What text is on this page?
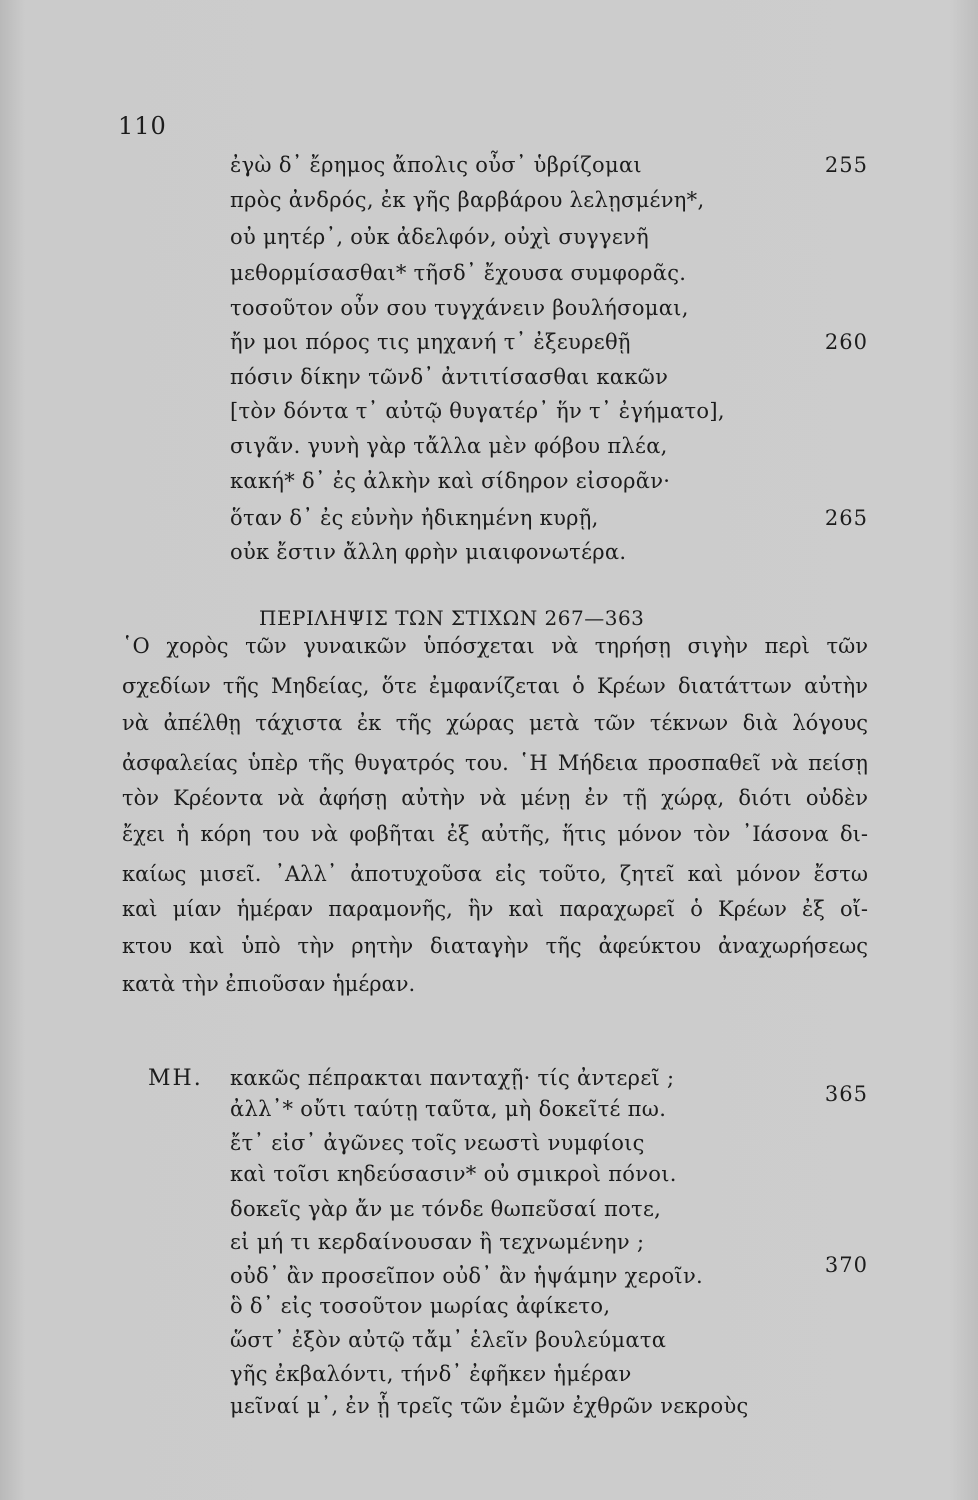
110
ἐγὼ δ᾽ ἔρημος ἄπολις οὖσ᾽ ὑβρίζομαι
πρὸς ἀνδρός, ἐκ γῆς βαρβάρου λελῃσμένη*,
οὐ μητέρ᾽, οὐκ ἀδελφόν, οὐχὶ συγγενῆ
μεθορμίσασθαι* τῆσδ᾽ ἔχουσα συμφορᾶς.
τοσοῦτον οὖν σου τυγχάνειν βουλήσομαι,
ἤν μοι πόρος τις μηχανή τ᾽ ἐξευρεθῇ
πόσιν δίκην τῶνδ᾽ ἀντιτίσασθαι κακῶν
[τὸν δόντα τ᾽ αὐτῷ θυγατέρ᾽ ἥν τ᾽ ἐγήματο],
σιγᾶν. γυνὴ γὰρ τἄλλα μὲν φόβου πλέα,
κακή* δ᾽ ἐς ἀλκὴν καὶ σίδηρον εἰσορᾶν·
ὅταν δ᾽ ἐς εὐνὴν ἠδικημένη κυρῇ,
οὐκ ἔστιν ἄλλη φρὴν μιαιφονωτέρα.
255
260
265
ΠΕΡΙΛΗΨΙΣ ΤΩΝ ΣΤΙΧΩΝ 267—363
῾Ο χορὸς τῶν γυναικῶν ὑπόσχεται νὰ τηρήσῃ σιγὴν περὶ τῶν
σχεδίων τῆς Μηδείας, ὅτε ἐμφανίζεται ὁ Κρέων διατάττων αὐτὴν
νὰ ἀπέλθῃ τάχιστα ἐκ τῆς χώρας μετὰ τῶν τέκνων διὰ λόγους
ἀσφαλείας ὑπὲρ τῆς θυγατρός του. ῾Η Μήδεια προσπαθεῖ νὰ πείσῃ
τὸν Κρέοντα νὰ ἀφήσῃ αὐτὴν νὰ μένῃ ἐν τῇ χώρᾳ, διότι οὐδὲν
ἔχει ἡ κόρη του νὰ φοβῆται ἐξ αὐτῆς, ἥτις μόνον τὸν ᾽Ιάσονα δι-
καίως μισεῖ. ᾽Αλλ᾽ ἀποτυχοῦσα εἰς τοῦτο, ζητεῖ καὶ μόνον ἔστω
καὶ μίαν ἡμέραν παραμονῆς, ἣν καὶ παραχωρεῖ ὁ Κρέων ἐξ οἴ-
κτου καὶ ὑπὸ τὴν ρητὴν διαταγὴν τῆς ἀφεύκτου ἀναχωρήσεως
κατὰ τὴν ἐπιοῦσαν ἡμέραν.
ΜΗ.
365
370
κακῶς πέπρακται πανταχῇ· τίς ἀντερεῖ ;
ἀλλ᾽* οὔτι ταύτῃ ταῦτα, μὴ δοκεῖτέ πω.
ἔτ᾽ εἰσ᾽ ἀγῶνες τοῖς νεωστὶ νυμφίοις
καὶ τοῖσι κηδεύσασιν* οὐ σμικροὶ πόνοι.
δοκεῖς γὰρ ἄν με τόνδε θωπεῦσαί ποτε,
εἰ μή τι κερδαίνουσαν ἢ τεχνωμένην ;
οὐδ᾽ ἂν προσεῖπον οὐδ᾽ ἂν ἡψάμην χεροῖν.
ὃ δ᾽ εἰς τοσοῦτον μωρίας ἀφίκετο,
ὥστ᾽ ἐξὸν αὐτῷ τἄμ᾽ ἑλεῖν βουλεύματα
γῆς ἐκβαλόντι, τήνδ᾽ ἐφῆκεν ἡμέραν
μεῖναί μ᾽, ἐν ᾗ τρεῖς τῶν ἐμῶν ἐχθρῶν νεκροὺς
